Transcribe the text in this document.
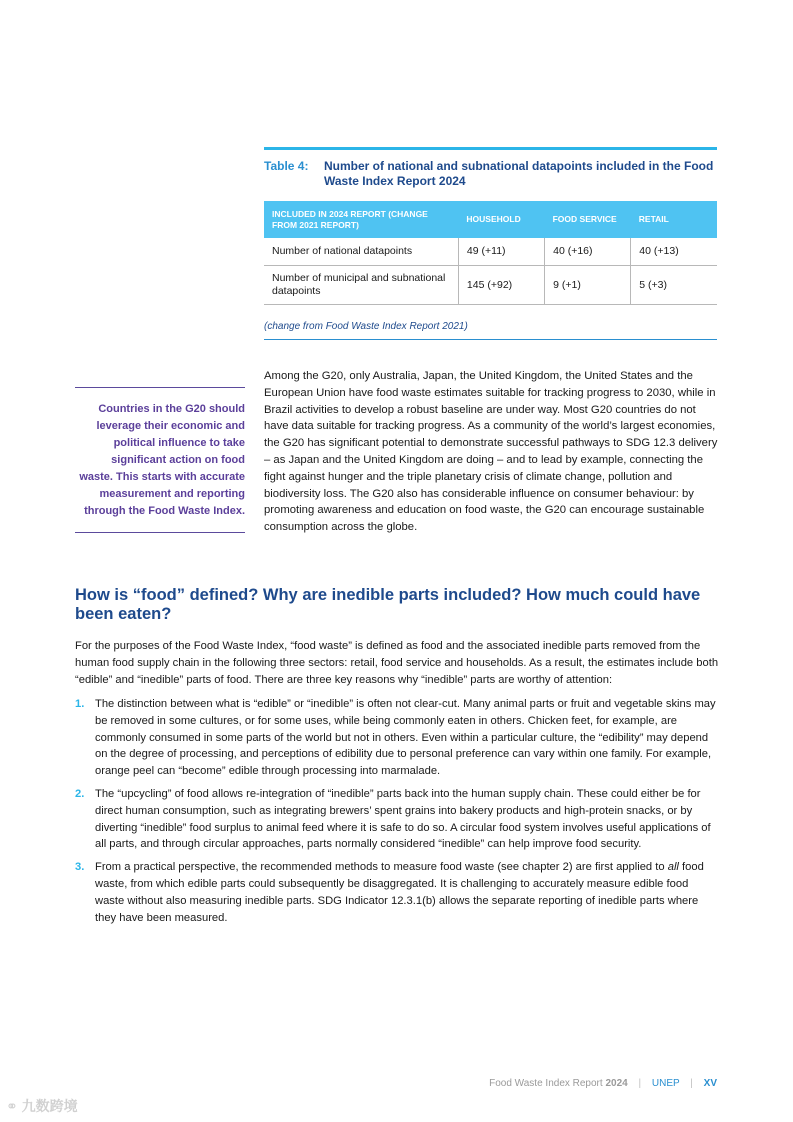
Table 4:	Number of national and subnational datapoints included in the Food Waste Index Report 2024
INCLUDED IN 2024 REPORT (CHANGE FROM 2021 REPORT)	HOUSEHOLD	FOOD SERVICE	RETAIL
Number of national datapoints	49 (+11)	40 (+16)	40 (+13)
Number of municipal and subnational datapoints	145 (+92)	9 (+1)	5 (+3)
(change from Food Waste Index Report 2021)
Countries in the G20 should leverage their economic and political influence to take significant action on food waste. This starts with accurate measurement and reporting through the Food Waste Index.

Among the G20, only Australia, Japan, the United Kingdom, the United States and the European Union have food waste estimates suitable for tracking progress to 2030, while in Brazil activities to develop a robust baseline are under way. Most G20 countries do not have data suitable for tracking progress. As a community of the world’s largest economies, the G20 has significant potential to demonstrate successful pathways to SDG 12.3 delivery – as Japan and the United Kingdom are doing – and to lead by example, connecting the fight against hunger and the triple planetary crisis of climate change, pollution and biodiversity loss. The G20 also has considerable influence on consumer behaviour: by promoting awareness and education on food waste, the G20 can encourage sustainable consumption across the globe.

How is “food” defined? Why are inedible parts included? How much could have been eaten?

For the purposes of the Food Waste Index, “food waste” is defined as food and the associated inedible parts removed from the human food supply chain in the following three sectors: retail, food service and households. As a result, the estimates include both “edible” and “inedible” parts of food. There are three key reasons why “inedible” parts are worthy of attention:

1. The distinction between what is “edible” or “inedible” is often not clear-cut. Many animal parts or fruit and vegetable skins may be removed in some cultures, or for some uses, while being commonly eaten in others. Chicken feet, for example, are commonly consumed in some parts of the world but not in others. Even within a particular culture, the “edibility” may depend on the degree of processing, and perceptions of edibility due to personal preference can vary within one family. For example, orange peel can “become” edible through processing into marmalade.
2. The “upcycling” of food allows re-integration of “inedible” parts back into the human supply chain. These could either be for direct human consumption, such as integrating brewers’ spent grains into bakery products and high-protein snacks, or by diverting “inedible” food surplus to animal feed where it is safe to do so. A circular food system involves useful applications of all parts, and through circular approaches, parts normally considered “inedible” can help improve food security.
3. From a practical perspective, the recommended methods to measure food waste (see chapter 2) are first applied to all food waste, from which edible parts could subsequently be disaggregated. It is challenging to accurately measure edible food waste without also measuring inedible parts. SDG Indicator 12.3.1(b) allows the separate reporting of inedible parts where they have been measured.
Food Waste Index Report 2024 | UNEP | XV
⚭ 九数跨境
